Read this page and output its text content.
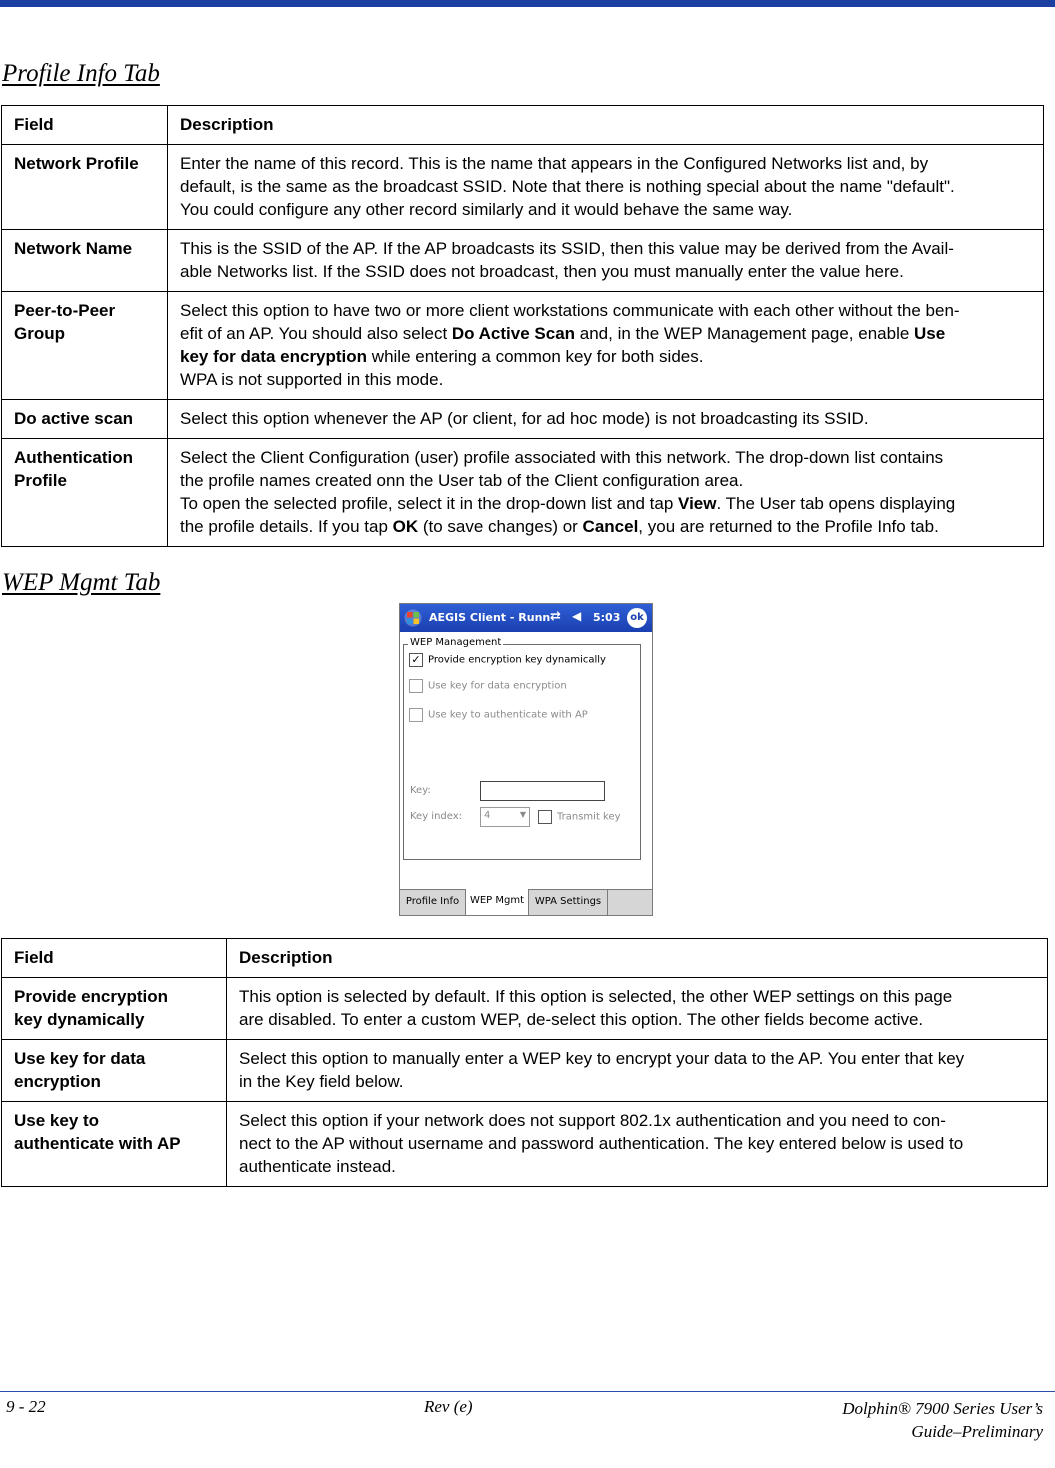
Profile Info Tab
Field	Description

Network Profile	Enter the name of this record. This is the name that appears in the Configured Networks list and, by
default, is the same as the broadcast SSID. Note that there is nothing special about the name "default".
You could configure any other record similarly and it would behave the same way.

Network Name	This is the SSID of the AP. If the AP broadcasts its SSID, then this value may be derived from the Avail-
able Networks list. If the SSID does not broadcast, then you must manually enter the value here.

Peer-to-Peer
Group	Select this option to have two or more client workstations communicate with each other without the ben-
efit of an AP. You should also select Do Active Scan and, in the WEP Management page, enable Use
key for data encryption while entering a common key for both sides.
WPA is not supported in this mode.

Do active scan	Select this option whenever the AP (or client, for ad hoc mode) is not broadcasting its SSID.

Authentication
Profile	Select the Client Configuration (user) profile associated with this network. The drop-down list contains
the profile names created onn the User tab of the Client configuration area.
To open the selected profile, select it in the drop-down list and tap View. The User tab opens displaying
the profile details. If you tap OK (to save changes) or Cancel, you are returned to the Profile Info tab.
WEP Mgmt Tab
AEGIS Client - Runn ⇄ ◀ 5:03 ok
WEP Management
✓ Provide encryption key dynamically
Use key for data encryption
Use key to authenticate with AP
Key:
Key index: 4	▼	Transmit key
Profile Info	WEP Mgmt	WPA Settings
Field	Description

Provide encryption
key dynamically	This option is selected by default. If this option is selected, the other WEP settings on this page
are disabled. To enter a custom WEP, de-select this option. The other fields become active.

Use key for data
encryption	Select this option to manually enter a WEP key to encrypt your data to the AP. You enter that key
in the Key field below.

Use key to
authenticate with AP	Select this option if your network does not support 802.1x authentication and you need to con-
nect to the AP without username and password authentication. The key entered below is used to
authenticate instead.
9 - 22	Rev (e)	Dolphin® 7900 Series User’s
Guide–Preliminary
